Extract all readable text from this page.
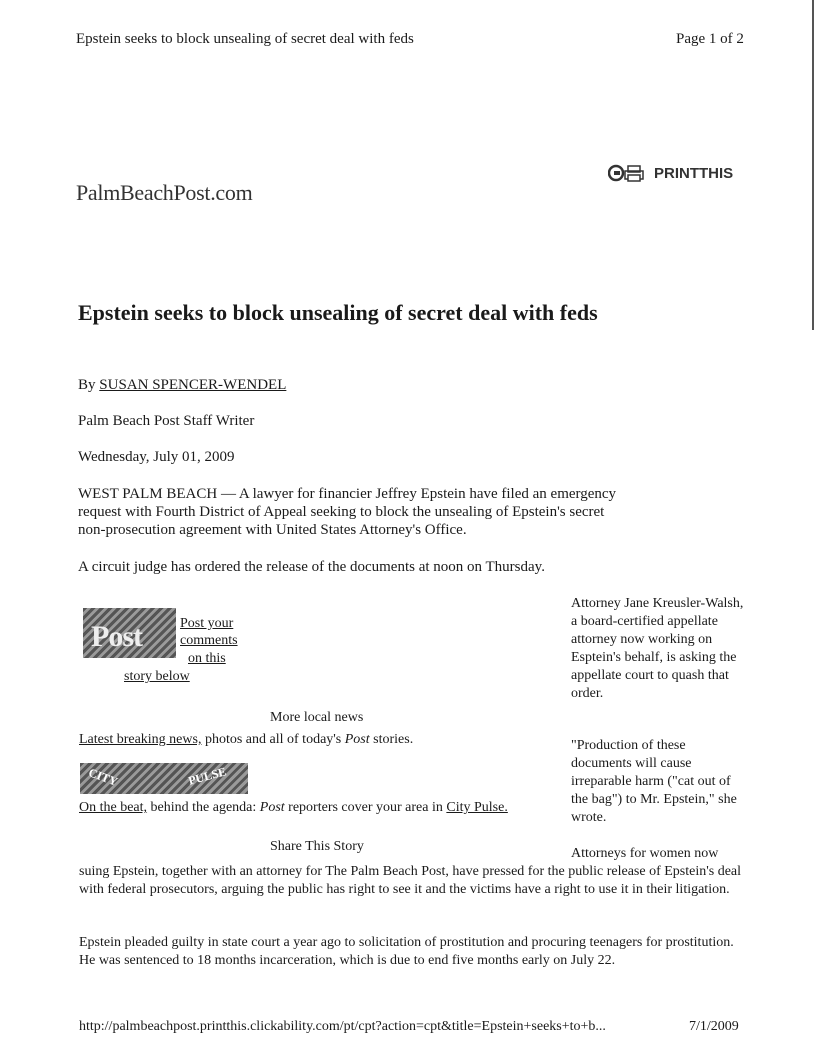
Epstein seeks to block unsealing of secret deal with feds	Page 1 of 2
PalmBeachPost.com
PRINTTHIS
Epstein seeks to block unsealing of secret deal with feds
By SUSAN SPENCER-WENDEL
Palm Beach Post Staff Writer
Wednesday, July 01, 2009
WEST PALM BEACH — A lawyer for financier Jeffrey Epstein have filed an emergency request with Fourth District of Appeal seeking to block the unsealing of Epstein's secret non-prosecution agreement with United States Attorney's Office.
A circuit judge has ordered the release of the documents at noon on Thursday.
Post	Post your
comments
on this
story below
More local news
Latest breaking news, photos and all of today's Post stories.
CITY	PULSE
On the beat, behind the agenda: Post reporters cover your area in City Pulse.
Share This Story
Attorney Jane Kreusler-Walsh, a board-certified appellate attorney now working on Esptein's behalf, is asking the appellate court to quash that order.
"Production of these documents will cause irreparable harm ("cat out of the bag") to Mr. Epstein," she wrote.
Attorneys for women now
suing Epstein, together with an attorney for The Palm Beach Post, have pressed for the public release of Epstein's deal with federal prosecutors, arguing the public has right to see it and the victims have a right to use it in their litigation.
Epstein pleaded guilty in state court a year ago to solicitation of prostitution and procuring teenagers for prostitution. He was sentenced to 18 months incarceration, which is due to end five months early on July 22.
http://palmbeachpost.printthis.clickability.com/pt/cpt?action=cpt&title=Epstein+seeks+to+b...	7/1/2009
